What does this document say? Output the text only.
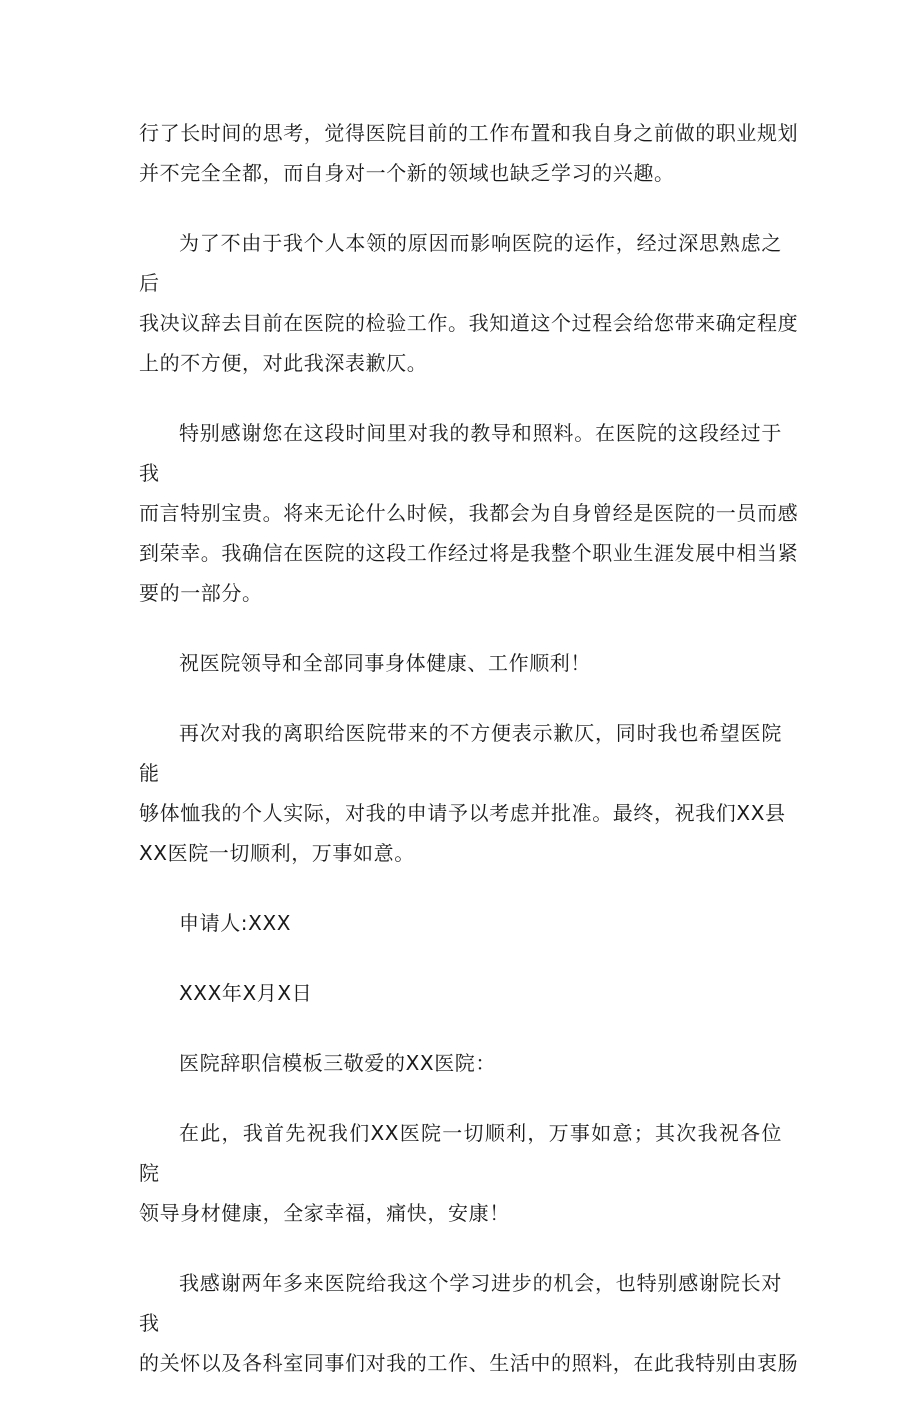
行了长时间的思考，觉得医院目前的工作布置和我自身之前做的职业规划
并不完全全都，而自身对一个新的领域也缺乏学习的兴趣。

为了不由于我个人本领的原因而影响医院的运作，经过深思熟虑之后
我决议辞去目前在医院的检验工作。我知道这个过程会给您带来确定程度
上的不方便，对此我深表歉仄。

特别感谢您在这段时间里对我的教导和照料。在医院的这段经过于我
而言特别宝贵。将来无论什么时候，我都会为自身曾经是医院的一员而感
到荣幸。我确信在医院的这段工作经过将是我整个职业生涯发展中相当紧
要的一部分。

祝医院领导和全部同事身体健康、工作顺利！

再次对我的离职给医院带来的不方便表示歉仄，同时我也希望医院能
够体恤我的个人实际，对我的申请予以考虑并批准。最终，祝我们XX县
XX医院一切顺利，万事如意。

申请人:XXX

XXX年X月X日

医院辞职信模板三敬爱的XX医院：

在此，我首先祝我们XX医院一切顺利，万事如意；其次我祝各位院
领导身材健康，全家幸福，痛快，安康！

我感谢两年多来医院给我这个学习进步的机会，也特别感谢院长对我
的关怀以及各科室同事们对我的工作、生活中的照料，在此我特别由衷肠
